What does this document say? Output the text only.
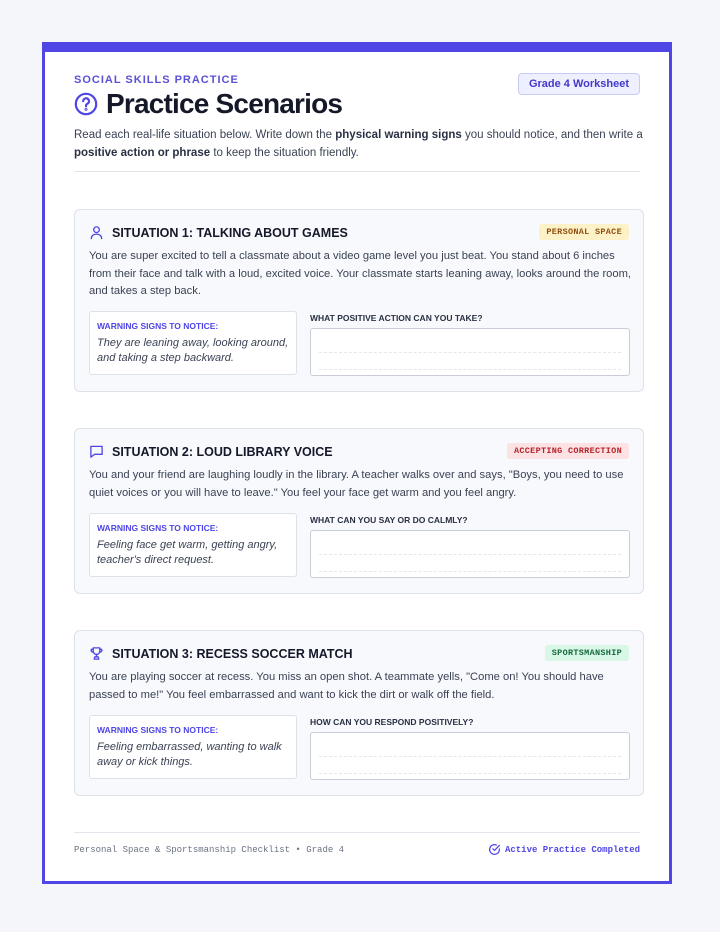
SOCIAL SKILLS PRACTICE
Practice Scenarios
Grade 4 Worksheet
Read each real-life situation below. Write down the physical warning signs you should notice, and then write a positive action or phrase to keep the situation friendly.
SITUATION 1: TALKING ABOUT GAMES	PERSONAL SPACE
You are super excited to tell a classmate about a video game level you just beat. You stand about 6 inches from their face and talk with a loud, excited voice. Your classmate starts leaning away, looks around the room, and takes a step back.
WARNING SIGNS TO NOTICE:
They are leaning away, looking around, and taking a step backward.
WHAT POSITIVE ACTION CAN YOU TAKE?
SITUATION 2: LOUD LIBRARY VOICE	ACCEPTING CORRECTION
You and your friend are laughing loudly in the library. A teacher walks over and says, "Boys, you need to use quiet voices or you will have to leave." You feel your face get warm and you feel angry.
WARNING SIGNS TO NOTICE:
Feeling face get warm, getting angry, teacher's direct request.
WHAT CAN YOU SAY OR DO CALMLY?
SITUATION 3: RECESS SOCCER MATCH	SPORTSMANSHIP
You are playing soccer at recess. You miss an open shot. A teammate yells, "Come on! You should have passed to me!" You feel embarrassed and want to kick the dirt or walk off the field.
WARNING SIGNS TO NOTICE:
Feeling embarrassed, wanting to walk away or kick things.
HOW CAN YOU RESPOND POSITIVELY?
Personal Space & Sportsmanship Checklist • Grade 4	Active Practice Completed
